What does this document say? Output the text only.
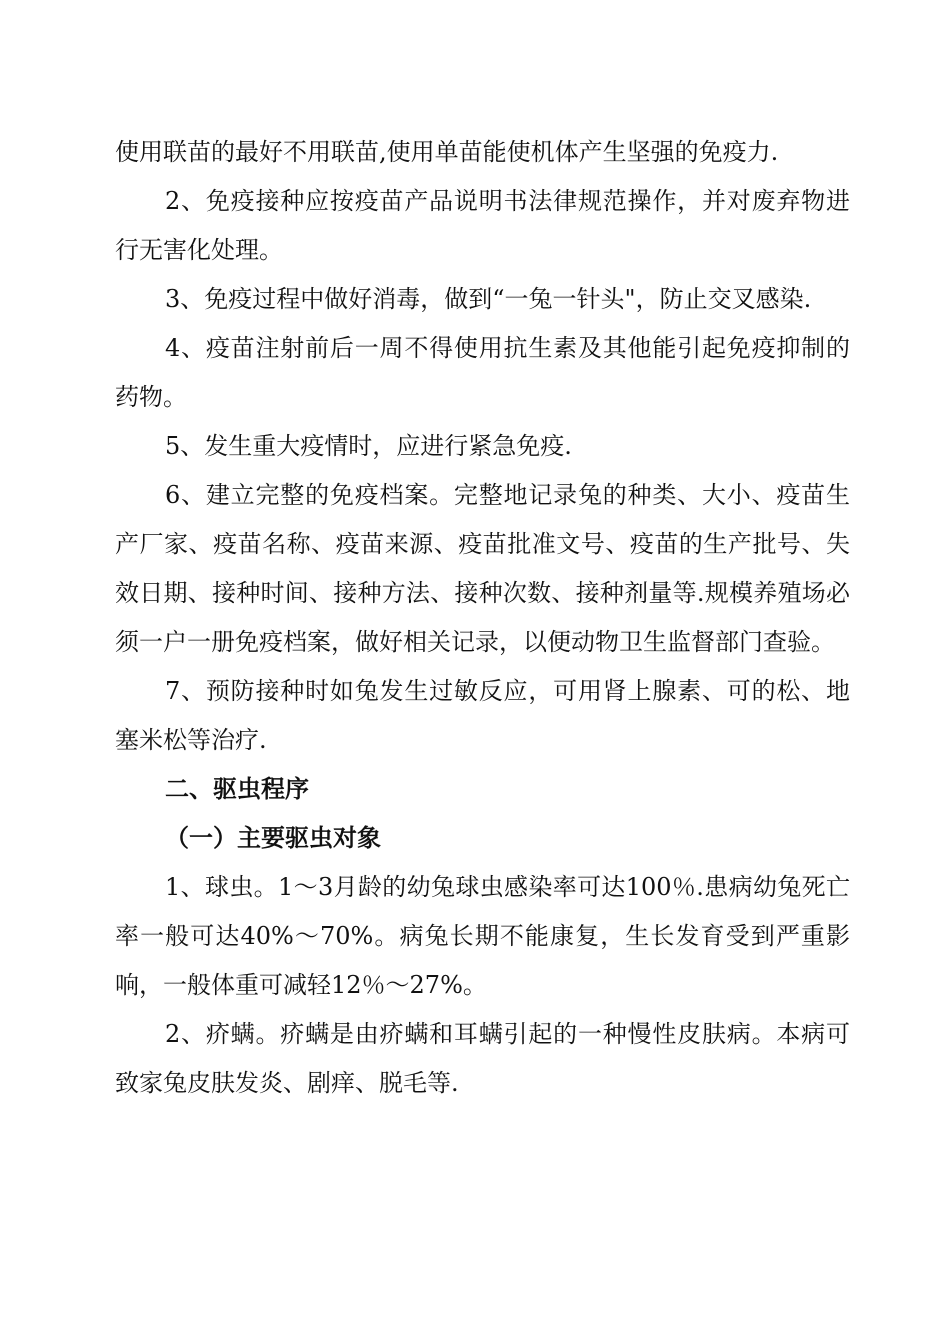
使用联苗的最好不用联苗,使用单苗能使机体产生坚强的免疫力.

2、免疫接种应按疫苗产品说明书法律规范操作，并对废弃物进行无害化处理。

3、免疫过程中做好消毒，做到“一兔一针头"，防止交叉感染.

4、疫苗注射前后一周不得使用抗生素及其他能引起免疫抑制的药物。

5、发生重大疫情时，应进行紧急免疫.

6、建立完整的免疫档案。完整地记录兔的种类、大小、疫苗生产厂家、疫苗名称、疫苗来源、疫苗批准文号、疫苗的生产批号、失效日期、接种时间、接种方法、接种次数、接种剂量等.规模养殖场必须一户一册免疫档案，做好相关记录，以便动物卫生监督部门查验。

7、预防接种时如兔发生过敏反应，可用肾上腺素、可的松、地塞米松等治疗.

二、驱虫程序

（一）主要驱虫对象

1、球虫。1～3月龄的幼兔球虫感染率可达100％.患病幼兔死亡率一般可达40%～70%。病兔长期不能康复，生长发育受到严重影响，一般体重可减轻12％～27%。

2、疥螨。疥螨是由疥螨和耳螨引起的一种慢性皮肤病。本病可致家兔皮肤发炎、剧痒、脱毛等.
